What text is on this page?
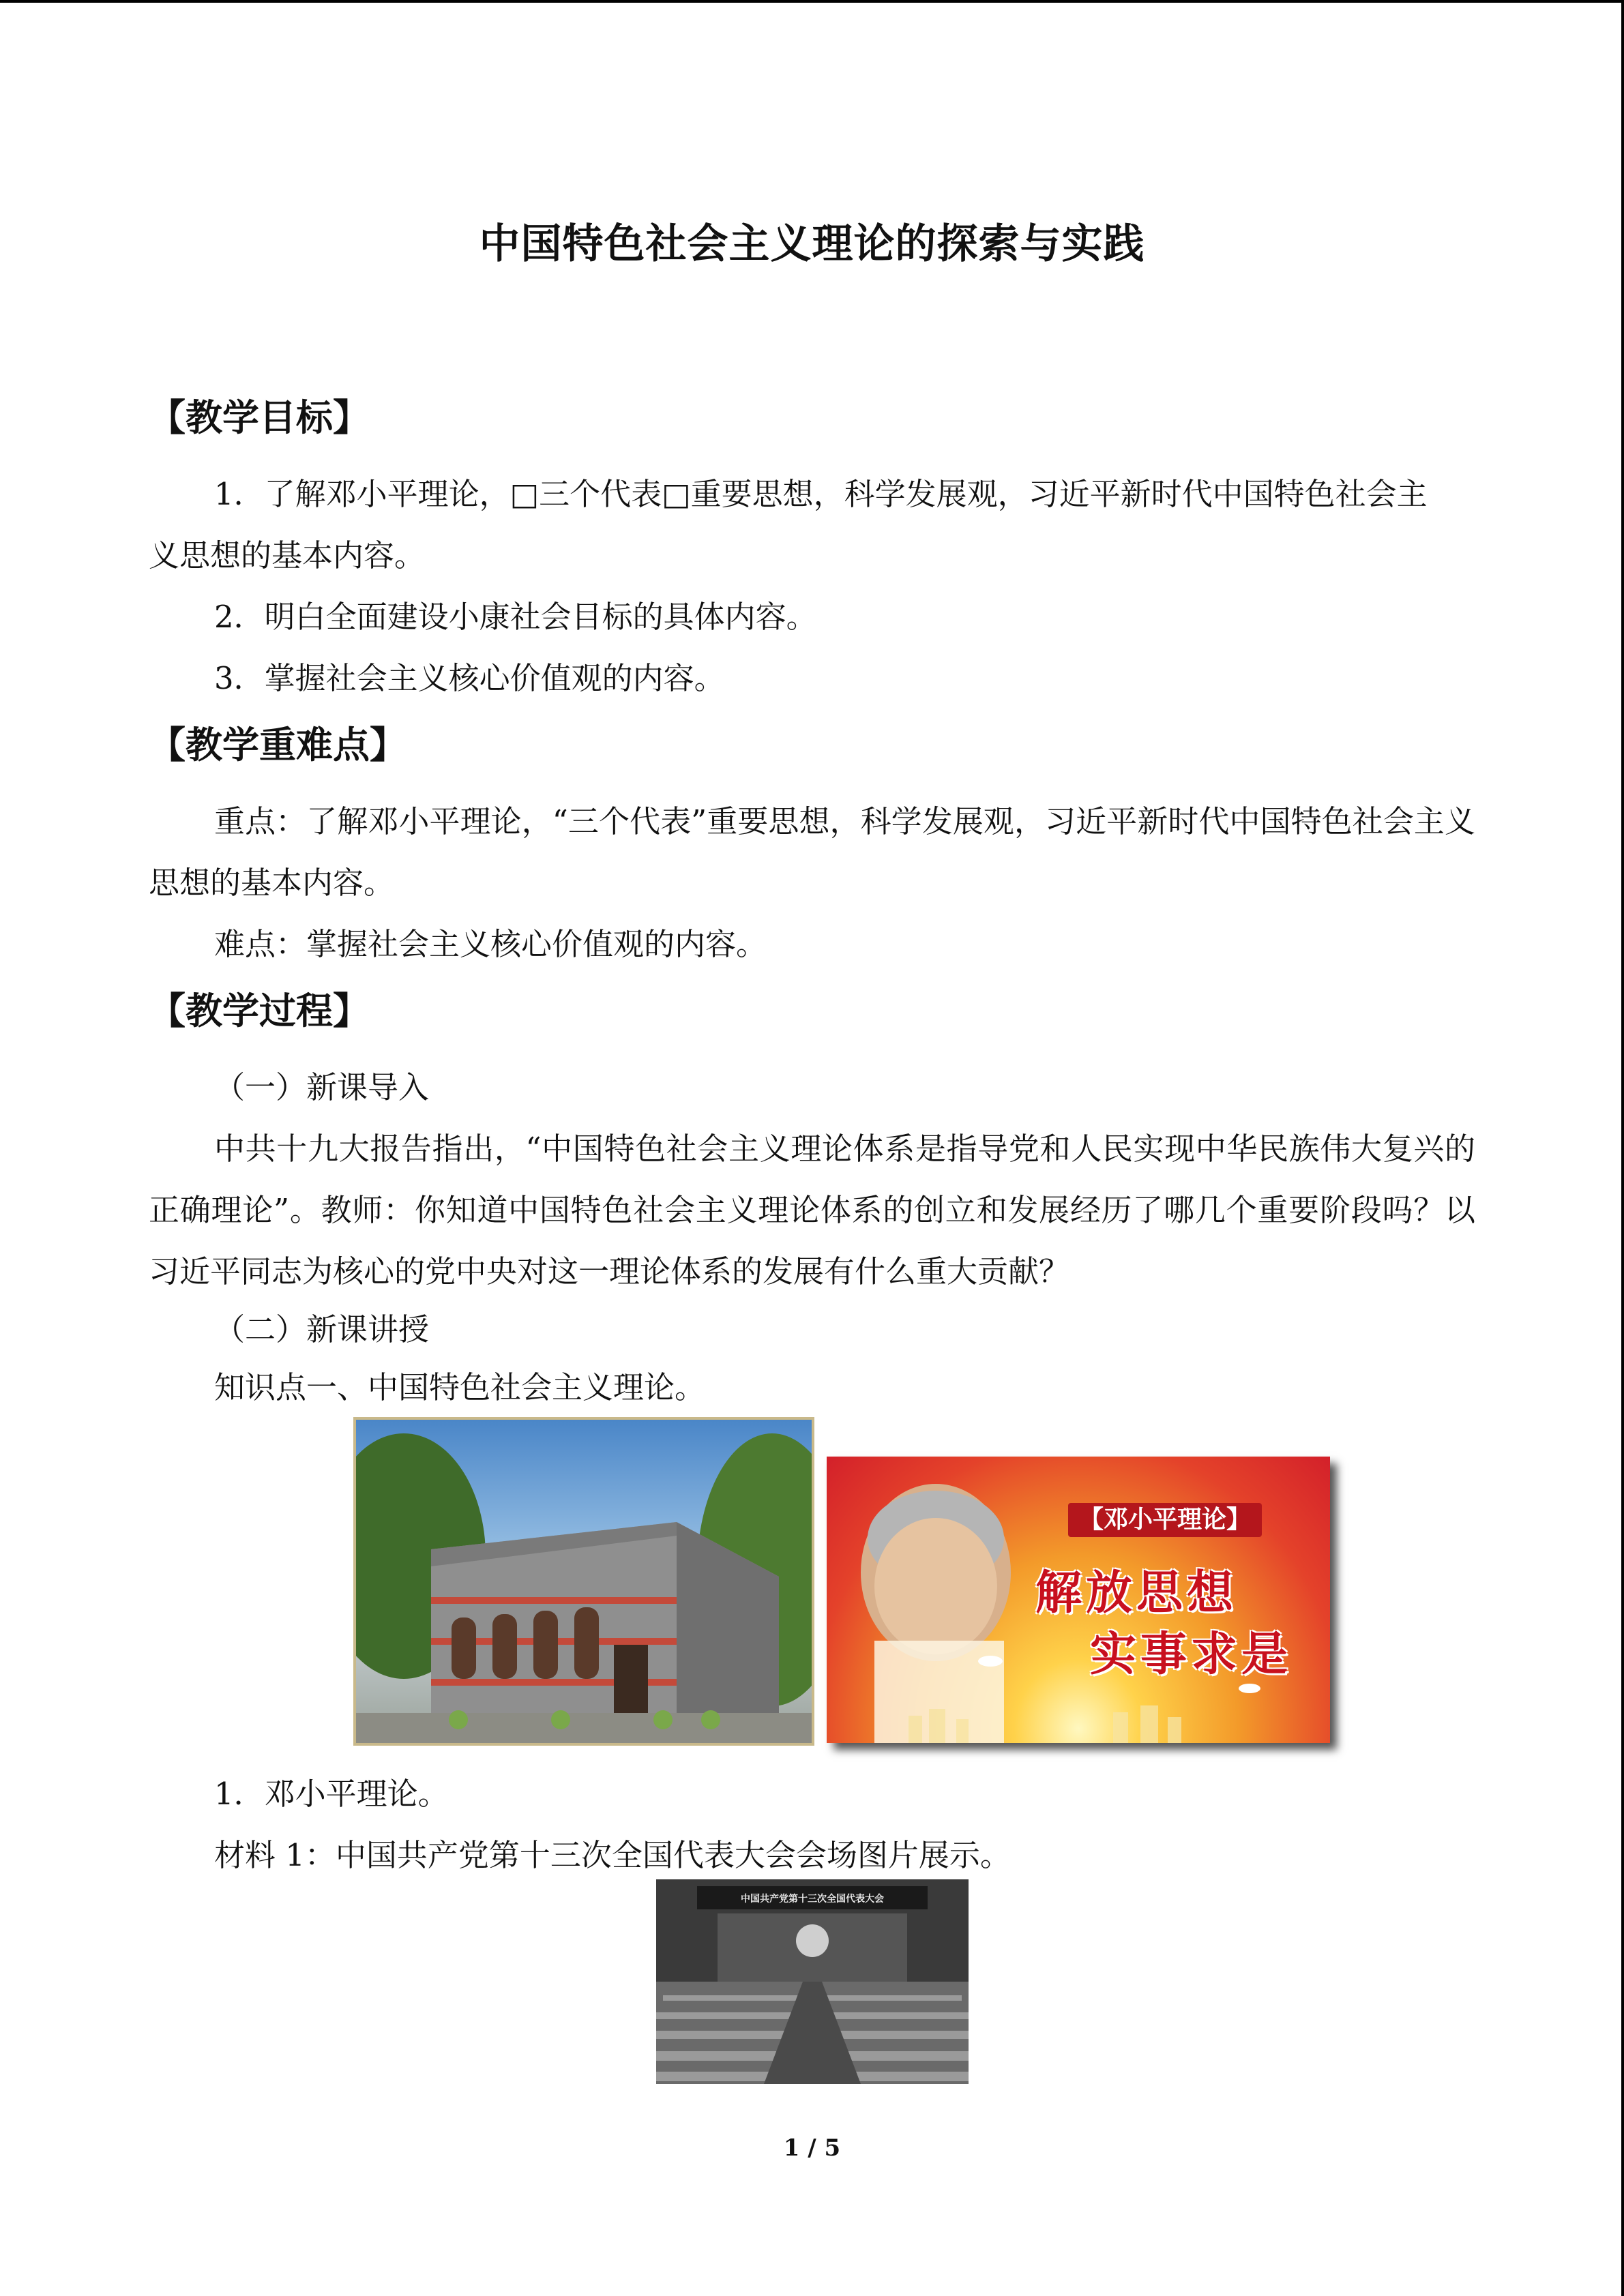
中国特色社会主义理论的探索与实践
【教学目标】
1．了解邓小平理论，□三个代表□重要思想，科学发展观，习近平新时代中国特色社会主
义思想的基本内容。
2．明白全面建设小康社会目标的具体内容。
3．掌握社会主义核心价值观的内容。
【教学重难点】
重点：了解邓小平理论，“三个代表”重要思想，科学发展观，习近平新时代中国特色社会主义思想的基本内容。
难点：掌握社会主义核心价值观的内容。
【教学过程】
（一）新课导入
中共十九大报告指出，“中国特色社会主义理论体系是指导党和人民实现中华民族伟大复兴的正确理论”。教师：你知道中国特色社会主义理论体系的创立和发展经历了哪几个重要阶段吗？以习近平同志为核心的党中央对这一理论体系的发展有什么重大贡献？
（二）新课讲授
知识点一、中国特色社会主义理论。
【邓小平理论】
解放思想
实事求是
1．邓小平理论。
材料 1：中国共产党第十三次全国代表大会会场图片展示。
中国共产党第十三次全国代表大会
1 / 5
